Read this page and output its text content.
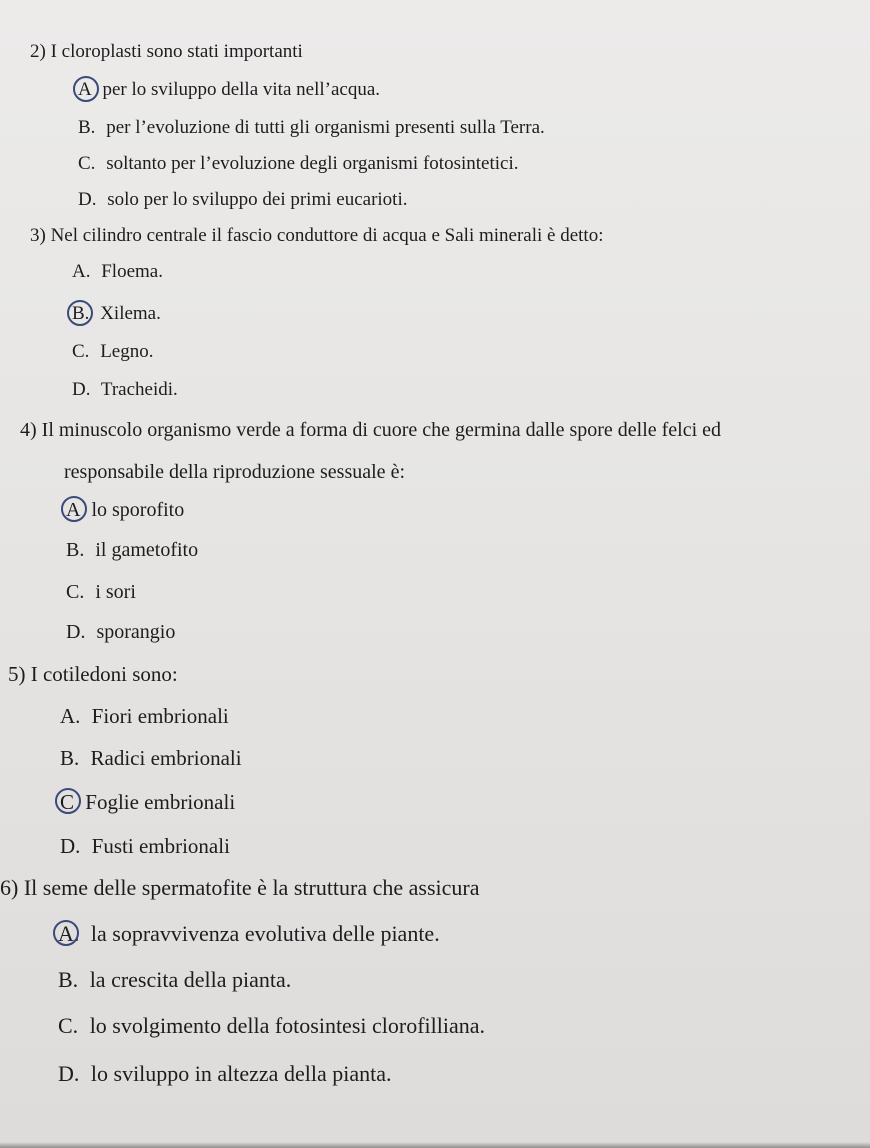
2) I cloroplasti sono stati importanti
A per lo sviluppo della vita nell’acqua.
B. per l’evoluzione di tutti gli organismi presenti sulla Terra.
C. soltanto per l’evoluzione degli organismi fotosintetici.
D. solo per lo sviluppo dei primi eucarioti.
3) Nel cilindro centrale il fascio conduttore di acqua e Sali minerali è detto:
A. Floema.
B. Xilema.
C. Legno.
D. Tracheidi.
4) Il minuscolo organismo verde a forma di cuore che germina dalle spore delle felci ed
responsabile della riproduzione sessuale è:
A lo sporofito
B. il gametofito
C. i sori
D. sporangio
5) I cotiledoni sono:
A. Fiori embrionali
B. Radici embrionali
C Foglie embrionali
D. Fusti embrionali
6) Il seme delle spermatofite è la struttura che assicura
A. la sopravvivenza evolutiva delle piante.
B. la crescita della pianta.
C. lo svolgimento della fotosintesi clorofilliana.
D. lo sviluppo in altezza della pianta.
